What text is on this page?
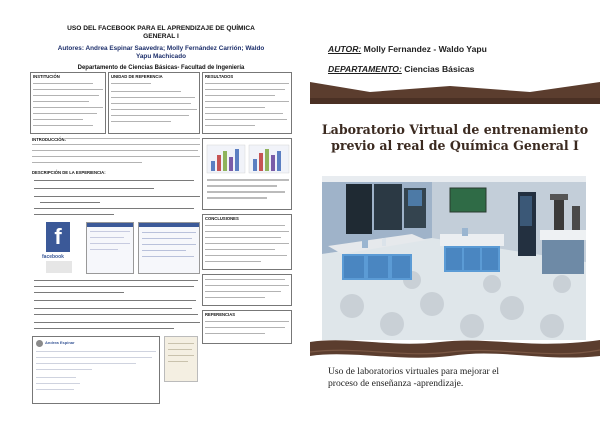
USO DEL FACEBOOK PARA EL APRENDIZAJE DE QUÍMICA
GENERAL I
Autores: Andrea Espinar Saavedra; Molly Fernández Carrión; Waldo
Yapu Machicado
Departamento de Ciencias Básicas- Facultad de Ingeniería
INSTITUCIÓN	UNIDAD DE REFERENCIA	RESULTADOS
INTRODUCCIÓN:
DESCRIPCIÓN DE LA EXPERIENCIA:
f
facebook
CONCLUSIONES
REFERENCIAS
Andrea Espinar
AUTOR: Molly Fernandez - Waldo Yapu
DEPARTAMENTO: Ciencias Básicas
Laboratorio Virtual de entrenamiento
previo al real de Química General I
Uso de laboratorios virtuales para mejorar el
proceso de enseñanza -aprendizaje.
